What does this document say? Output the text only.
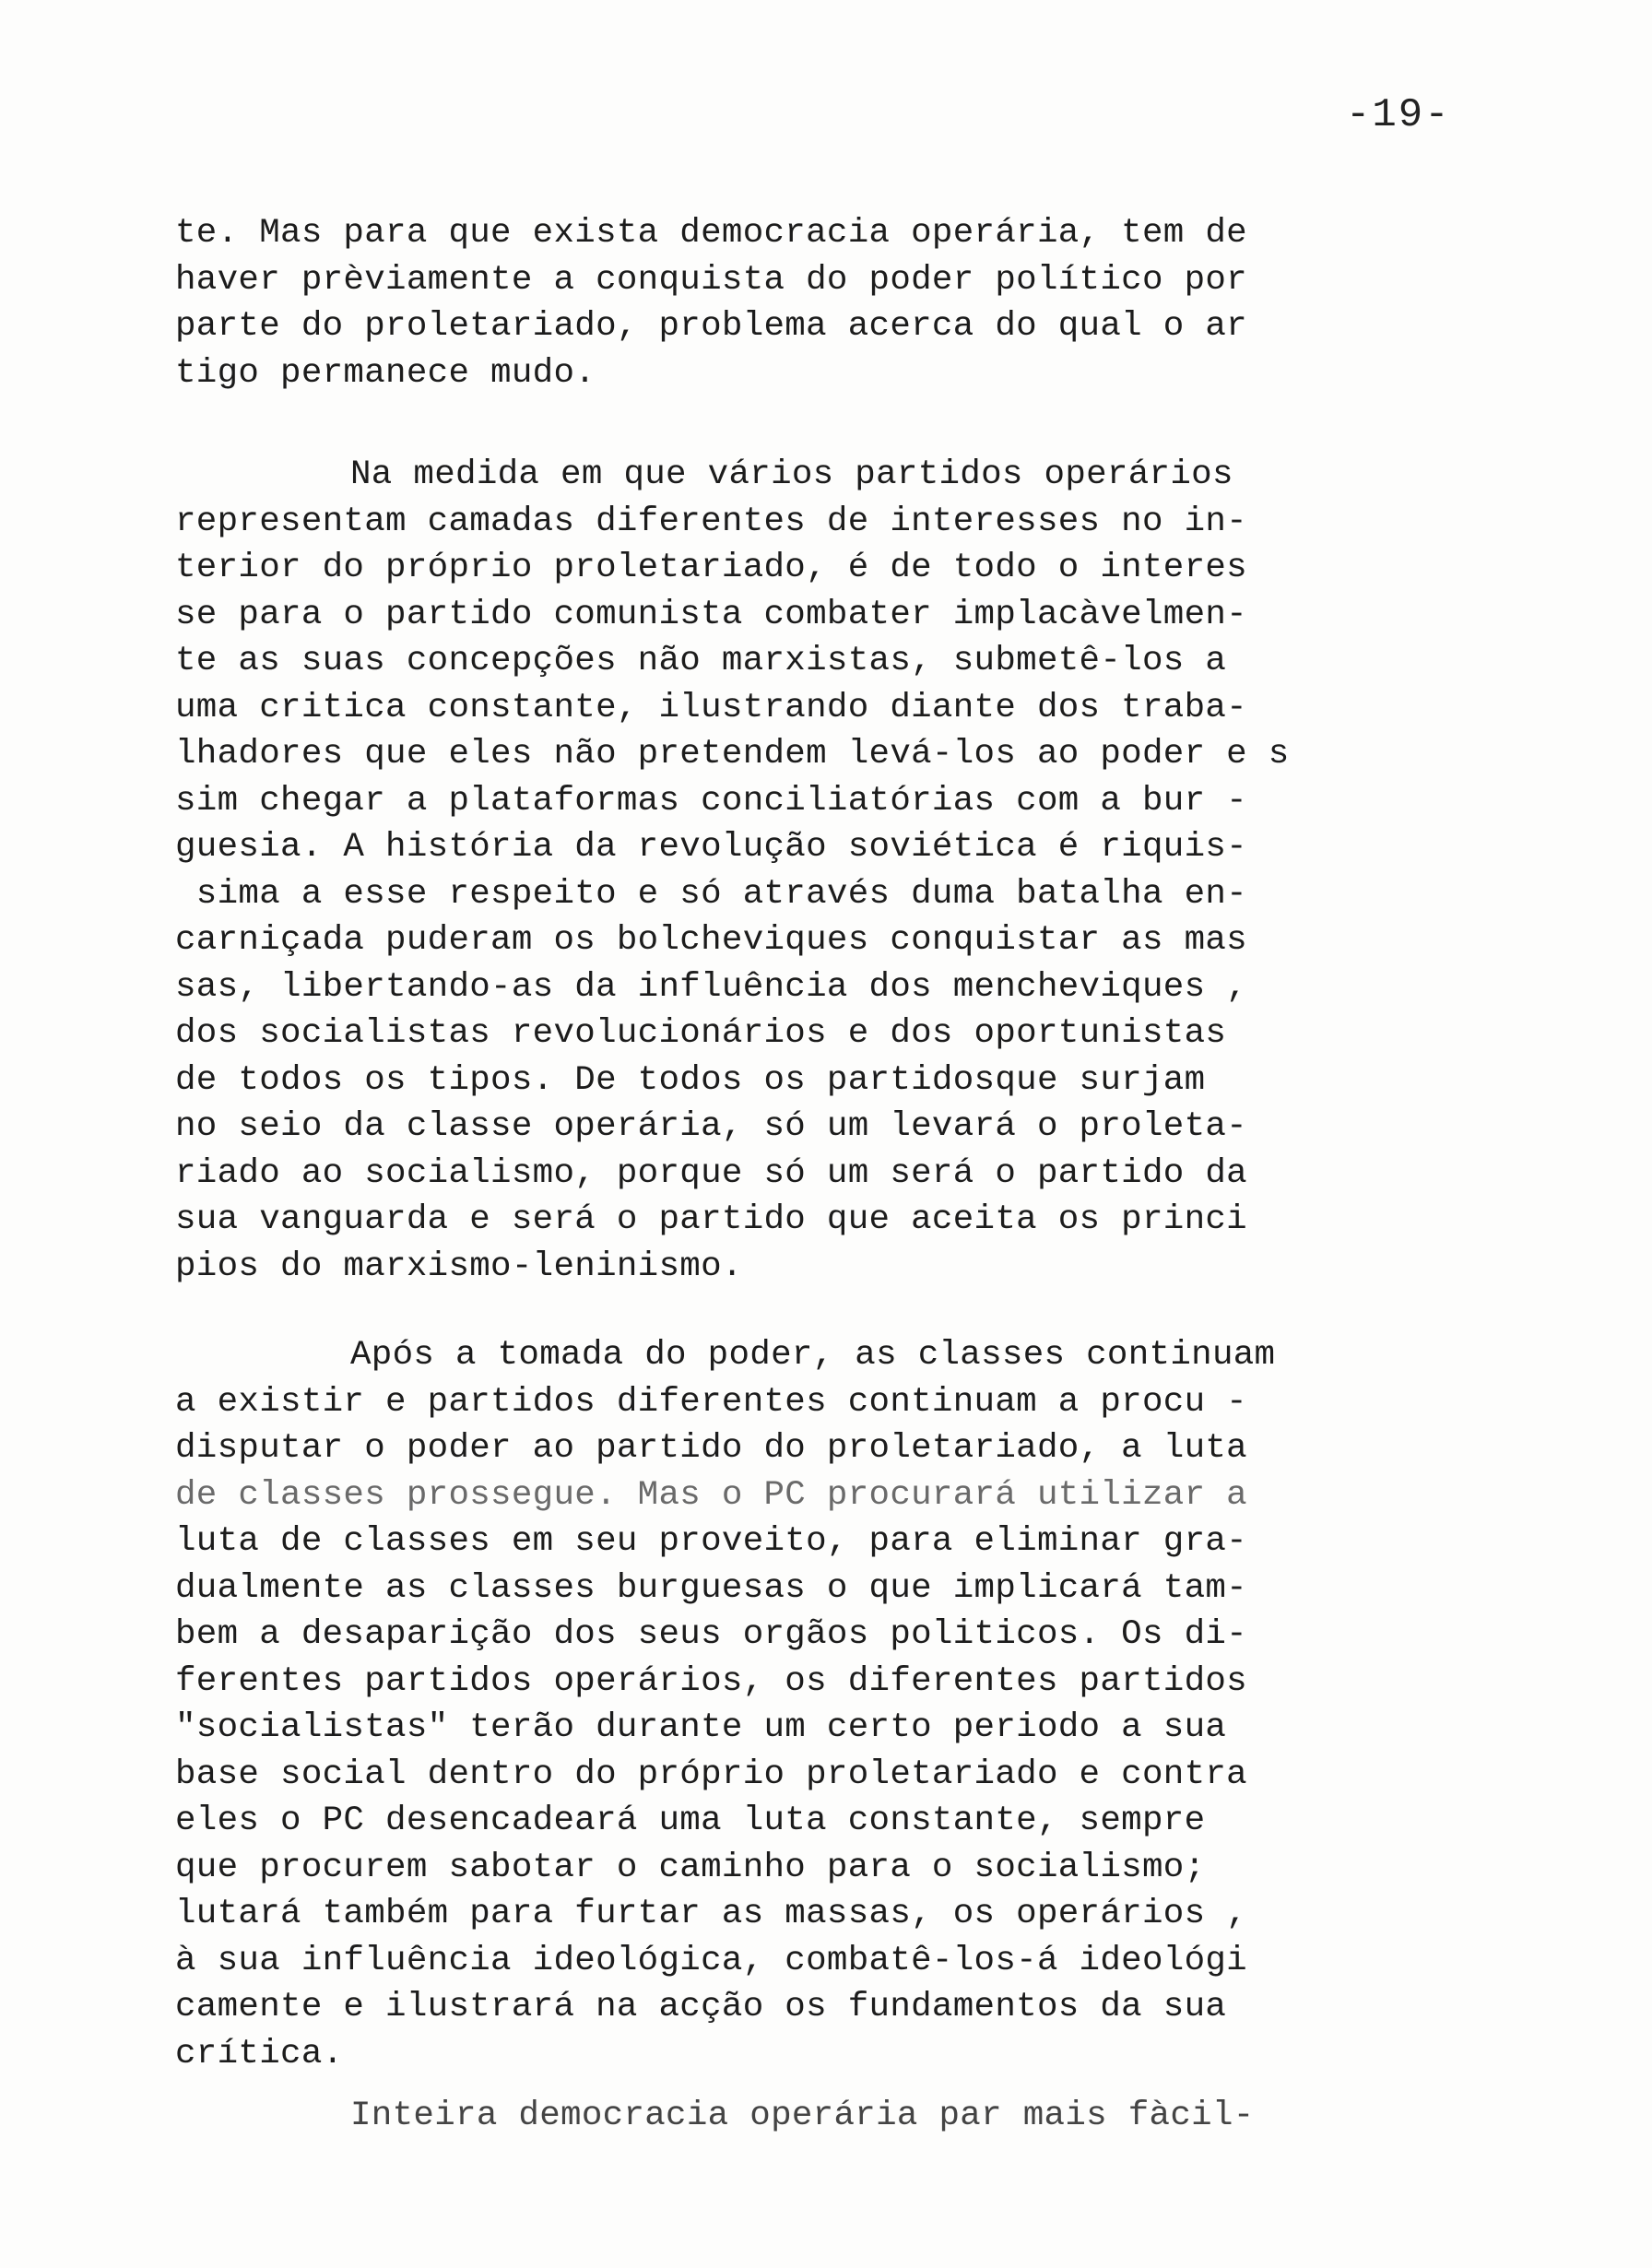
-19-
te. Mas para que exista democracia operária, tem de
haver prèviamente a conquista do poder político por
parte do proletariado, problema acerca do qual o ar
tigo permanece mudo.
Na medida em que vários partidos operários
representam camadas diferentes de interesses no in-
terior do próprio proletariado, é de todo o interes
se para o partido comunista combater implacàvelmen-
te as suas concepções não marxistas, submetê-los a
uma critica constante, ilustrando diante dos traba-
lhadores que eles não pretendem levá-los ao poder e s
sim chegar a plataformas conciliatórias com a bur -
guesia. A história da revolução soviética é riquis-
sima a esse respeito e só através duma batalha en-
carniçada puderam os bolcheviques conquistar as mas
sas, libertando-as da influência dos mencheviques ,
dos socialistas revolucionários e dos oportunistas
de todos os tipos. De todos os partidosque surjam
no seio da classe operária, só um levará o proleta-
riado ao socialismo, porque só um será o partido da
sua vanguarda e será o partido que aceita os princi
pios do marxismo-leninismo.
Após a tomada do poder, as classes continuam
a existir e partidos diferentes continuam a procu -
disputar o poder ao partido do proletariado, a luta
de classes prossegue. Mas o PC procurará utilizar a
luta de classes em seu proveito, para eliminar gra-
dualmente as classes burguesas o que implicará tam-
bem a desaparição dos seus orgãos politicos. Os di-
ferentes partidos operários, os diferentes partidos
"socialistas" terão durante um certo periodo a sua
base social dentro do próprio proletariado e contra
eles o PC desencadeará uma luta constante, sempre
que procurem sabotar o caminho para o socialismo;
lutará também para furtar as massas, os operários ,
à sua influência ideológica, combatê-los-á ideológi
camente e ilustrará na acção os fundamentos da sua
crítica.
Inteira democracia operária par mais fàcil-
